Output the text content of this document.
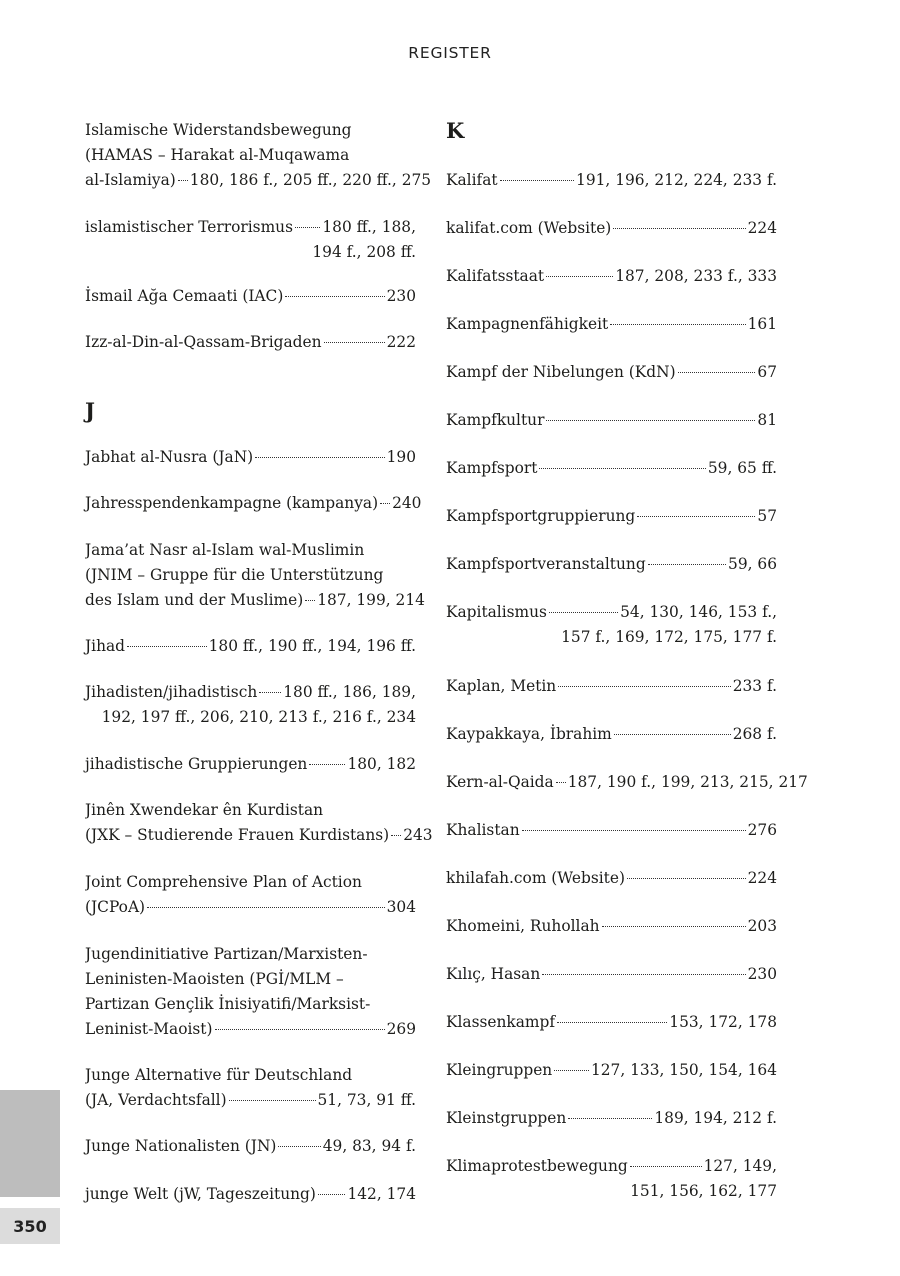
REGISTER
Islamische Widerstandsbewegung
(HAMAS – Harakat al-Muqawama
al-Islamiya) 180, 186 f., 205 ff., 220 ff., 275
islamistischer Terrorismus 180 ff., 188,
194 f., 208 ff.
İsmail Ağa Cemaati (IAC)	230
Izz-al-Din-al-Qassam-Brigaden	222
J
Jabhat al-Nusra (JaN)	190
Jahresspendenkampagne (kampanya) 240
Jama’at Nasr al-Islam wal-Muslimin
(JNIM – Gruppe für die Unterstützung
des Islam und der Muslime) 187, 199, 214
Jihad	180 ff., 190 ff., 194, 196 ff.
Jihadisten/jihadistisch 180 ff., 186, 189,
192, 197 ff., 206, 210, 213 f., 216 f., 234
jihadistische Gruppierungen	180, 182
Jinên Xwendekar ên Kurdistan
(JXK – Studierende Frauen Kurdistans) 243
Joint Comprehensive Plan of Action
(JCPoA)	304
Jugendinitiative Partizan/Marxisten-
Leninisten-Maoisten (PGİ/MLM –
Partizan Gençlik İnisiyatifi/Marksist-
Leninist-Maoist)	269
Junge Alternative für Deutschland
(JA, Verdachtsfall)	51, 73, 91 ff.
Junge Nationalisten (JN)	49, 83, 94 f.
junge Welt (jW, Tageszeitung) 142, 174
K
Kalifat	191, 196, 212, 224, 233 f.
kalifat.com (Website)	224
Kalifatsstaat	187, 208, 233 f., 333
Kampagnenfähigkeit	161
Kampf der Nibelungen (KdN)	67
Kampfkultur	81
Kampfsport	59, 65 ff.
Kampfsportgruppierung	57
Kampfsportveranstaltung	59, 66
Kapitalismus	54, 130, 146, 153 f.,
157 f., 169, 172, 175, 177 f.
Kaplan, Metin	233 f.
Kaypakkaya, İbrahim	268 f.
Kern-al-Qaida 187, 190 f., 199, 213, 215, 217
Khalistan	276
khilafah.com (Website)	224
Khomeini, Ruhollah	203
Kılıç, Hasan	230
Klassenkampf	153, 172, 178
Kleingruppen	127, 133, 150, 154, 164
Kleinstgruppen	189, 194, 212 f.
Klimaprotestbewegung	127, 149,
151, 156, 162, 177
350
